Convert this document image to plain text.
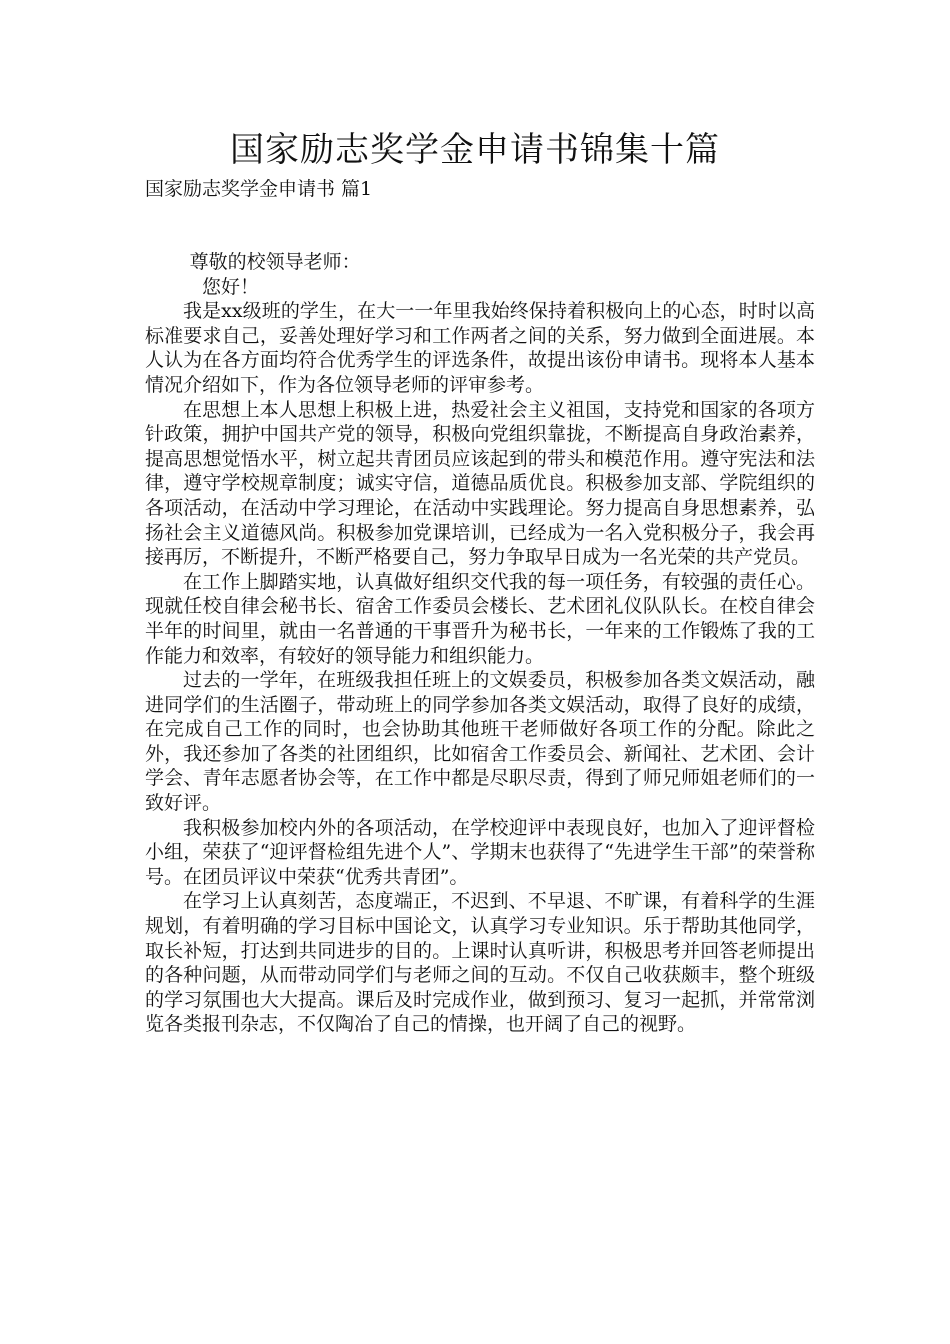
国家励志奖学金申请书锦集十篇

国家励志奖学金申请书 篇1

尊敬的校领导老师：

您好！

我是xx级班的学生，在大一一年里我始终保持着积极向上的心态，时时以高标准要求自己，妥善处理好学习和工作两者之间的关系，努力做到全面进展。本人认为在各方面均符合优秀学生的评选条件，故提出该份申请书。现将本人基本情况介绍如下，作为各位领导老师的评审参考。

在思想上本人思想上积极上进，热爱社会主义祖国，支持党和国家的各项方针政策，拥护中国共产党的领导，积极向党组织靠拢，不断提高自身政治素养，提高思想觉悟水平，树立起共青团员应该起到的带头和模范作用。遵守宪法和法律，遵守学校规章制度；诚实守信，道德品质优良。积极参加支部、学院组织的各项活动，在活动中学习理论，在活动中实践理论。努力提高自身思想素养，弘扬社会主义道德风尚。积极参加党课培训，已经成为一名入党积极分子，我会再接再厉，不断提升，不断严格要自己，努力争取早日成为一名光荣的共产党员。

在工作上脚踏实地，认真做好组织交代我的每一项任务，有较强的责任心。现就任校自律会秘书长、宿舍工作委员会楼长、艺术团礼仪队队长。在校自律会半年的时间里，就由一名普通的干事晋升为秘书长，一年来的工作锻炼了我的工作能力和效率，有较好的领导能力和组织能力。

过去的一学年，在班级我担任班上的文娱委员，积极参加各类文娱活动，融进同学们的生活圈子，带动班上的同学参加各类文娱活动，取得了良好的成绩，在完成自己工作的同时，也会协助其他班干老师做好各项工作的分配。除此之外，我还参加了各类的社团组织，比如宿舍工作委员会、新闻社、艺术团、会计学会、青年志愿者协会等，在工作中都是尽职尽责，得到了师兄师姐老师们的一致好评。

我积极参加校内外的各项活动，在学校迎评中表现良好，也加入了迎评督检小组，荣获了“迎评督检组先进个人”、学期末也获得了“先进学生干部”的荣誉称号。在团员评议中荣获“优秀共青团”。

在学习上认真刻苦，态度端正，不迟到、不早退、不旷课，有着科学的生涯规划，有着明确的学习目标中国论文，认真学习专业知识。乐于帮助其他同学，取长补短，打达到共同进步的目的。上课时认真听讲，积极思考并回答老师提出的各种问题，从而带动同学们与老师之间的互动。不仅自己收获颇丰，整个班级的学习氛围也大大提高。课后及时完成作业，做到预习、复习一起抓，并常常浏览各类报刊杂志，不仅陶冶了自己的情操，也开阔了自己的视野。
